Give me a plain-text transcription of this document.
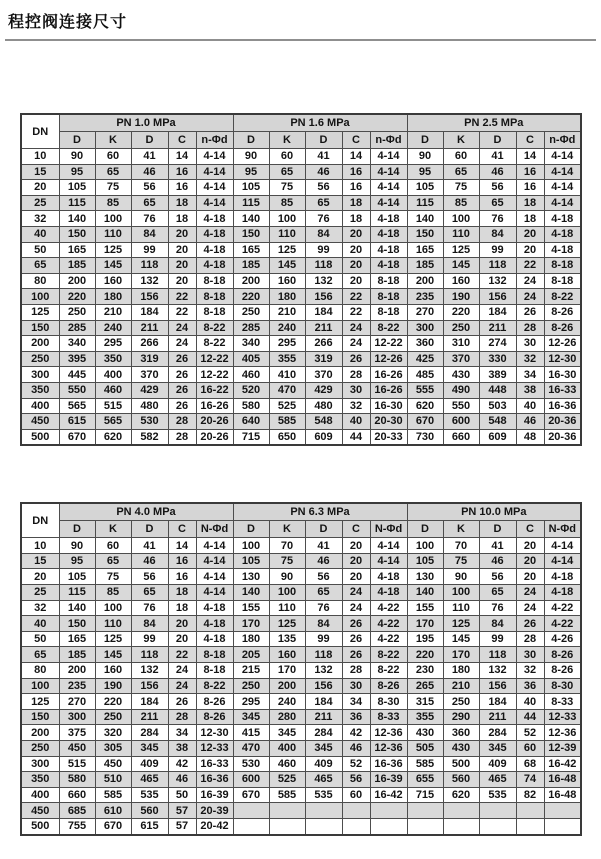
程控阀连接尺寸
DN	PN 1.0 MPa					PN 1.6 MPa					PN 2.5 MPa				
	D	K	D	C	n-Φd	D	K	D	C	n-Φd	D	K	D	C	n-Φd
10	90	60	41	14	4-14	90	60	41	14	4-14	90	60	41	14	4-14
15	95	65	46	16	4-14	95	65	46	16	4-14	95	65	46	16	4-14
20	105	75	56	16	4-14	105	75	56	16	4-14	105	75	56	16	4-14
25	115	85	65	18	4-14	115	85	65	18	4-14	115	85	65	18	4-14
32	140	100	76	18	4-18	140	100	76	18	4-18	140	100	76	18	4-18
40	150	110	84	20	4-18	150	110	84	20	4-18	150	110	84	20	4-18
50	165	125	99	20	4-18	165	125	99	20	4-18	165	125	99	20	4-18
65	185	145	118	20	4-18	185	145	118	20	4-18	185	145	118	22	8-18
80	200	160	132	20	8-18	200	160	132	20	8-18	200	160	132	24	8-18
100	220	180	156	22	8-18	220	180	156	22	8-18	235	190	156	24	8-22
125	250	210	184	22	8-18	250	210	184	22	8-18	270	220	184	26	8-26
150	285	240	211	24	8-22	285	240	211	24	8-22	300	250	211	28	8-26
200	340	295	266	24	8-22	340	295	266	24	12-22	360	310	274	30	12-26
250	395	350	319	26	12-22	405	355	319	26	12-26	425	370	330	32	12-30
300	445	400	370	26	12-22	460	410	370	28	16-26	485	430	389	34	16-30
350	550	460	429	26	16-22	520	470	429	30	16-26	555	490	448	38	16-33
400	565	515	480	26	16-26	580	525	480	32	16-30	620	550	503	40	16-36
450	615	565	530	28	20-26	640	585	548	40	20-30	670	600	548	46	20-36
500	670	620	582	28	20-26	715	650	609	44	20-33	730	660	609	48	20-36
DN	PN 4.0 MPa					PN 6.3 MPa					PN 10.0 MPa				
	D	K	D	C	N-Φd	D	K	D	C	N-Φd	D	K	D	C	N-Φd
10	90	60	41	14	4-14	100	70	41	20	4-14	100	70	41	20	4-14
15	95	65	46	16	4-14	105	75	46	20	4-14	105	75	46	20	4-14
20	105	75	56	16	4-14	130	90	56	20	4-18	130	90	56	20	4-18
25	115	85	65	18	4-14	140	100	65	24	4-18	140	100	65	24	4-18
32	140	100	76	18	4-18	155	110	76	24	4-22	155	110	76	24	4-22
40	150	110	84	20	4-18	170	125	84	26	4-22	170	125	84	26	4-22
50	165	125	99	20	4-18	180	135	99	26	4-22	195	145	99	28	4-26
65	185	145	118	22	8-18	205	160	118	26	8-22	220	170	118	30	8-26
80	200	160	132	24	8-18	215	170	132	28	8-22	230	180	132	32	8-26
100	235	190	156	24	8-22	250	200	156	30	8-26	265	210	156	36	8-30
125	270	220	184	26	8-26	295	240	184	34	8-30	315	250	184	40	8-33
150	300	250	211	28	8-26	345	280	211	36	8-33	355	290	211	44	12-33
200	375	320	284	34	12-30	415	345	284	42	12-36	430	360	284	52	12-36
250	450	305	345	38	12-33	470	400	345	46	12-36	505	430	345	60	12-39
300	515	450	409	42	16-33	530	460	409	52	16-36	585	500	409	68	16-42
350	580	510	465	46	16-36	600	525	465	56	16-39	655	560	465	74	16-48
400	660	585	535	50	16-39	670	585	535	60	16-42	715	620	535	82	16-48
450	685	610	560	57	20-39										
500	755	670	615	57	20-42										
